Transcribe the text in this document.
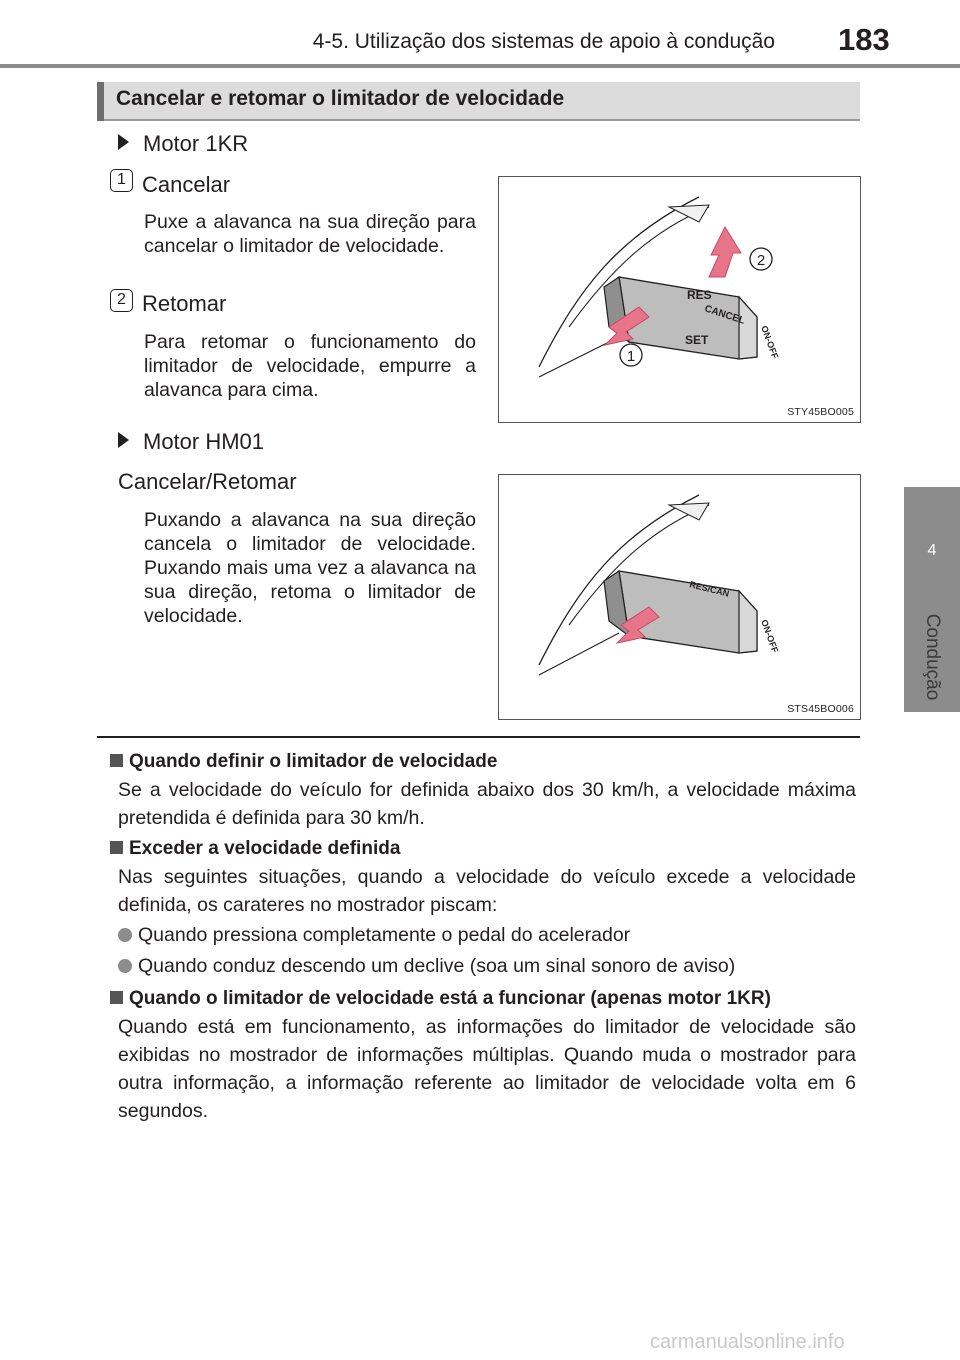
4-5. Utilização dos sistemas de apoio à condução 183
4
Condução
Cancelar e retomar o limitador de velocidade
Motor 1KR
1 Cancelar
Puxe a alavanca na sua direção para cancelar o limitador de velocidade.
2 Retomar
Para retomar o funcionamento do limitador de velocidade, empurre a alavanca para cima.
CANCEL
RES
SET	ON-OFF
2
1
STY45BO005
Motor HM01
Cancelar/Retomar
Puxando a alavanca na sua direção cancela o limitador de velocidade. Puxando mais uma vez a alavanca na sua direção, retoma o limitador de velocidade.
RES/CAN
ON-OFF
STS45BO006
Quando definir o limitador de velocidade
Se a velocidade do veículo for definida abaixo dos 30 km/h, a velocidade máxima pretendida é definida para 30 km/h.
Exceder a velocidade definida
Nas seguintes situações, quando a velocidade do veículo excede a velocidade definida, os carateres no mostrador piscam:
Quando pressiona completamente o pedal do acelerador
Quando conduz descendo um declive (soa um sinal sonoro de aviso)
Quando o limitador de velocidade está a funcionar (apenas motor 1KR)
Quando está em funcionamento, as informações do limitador de velocidade são exibidas no mostrador de informações múltiplas. Quando muda o mostrador para outra informação, a informação referente ao limitador de velocidade volta em 6 segundos.
carmanualsonline.info
